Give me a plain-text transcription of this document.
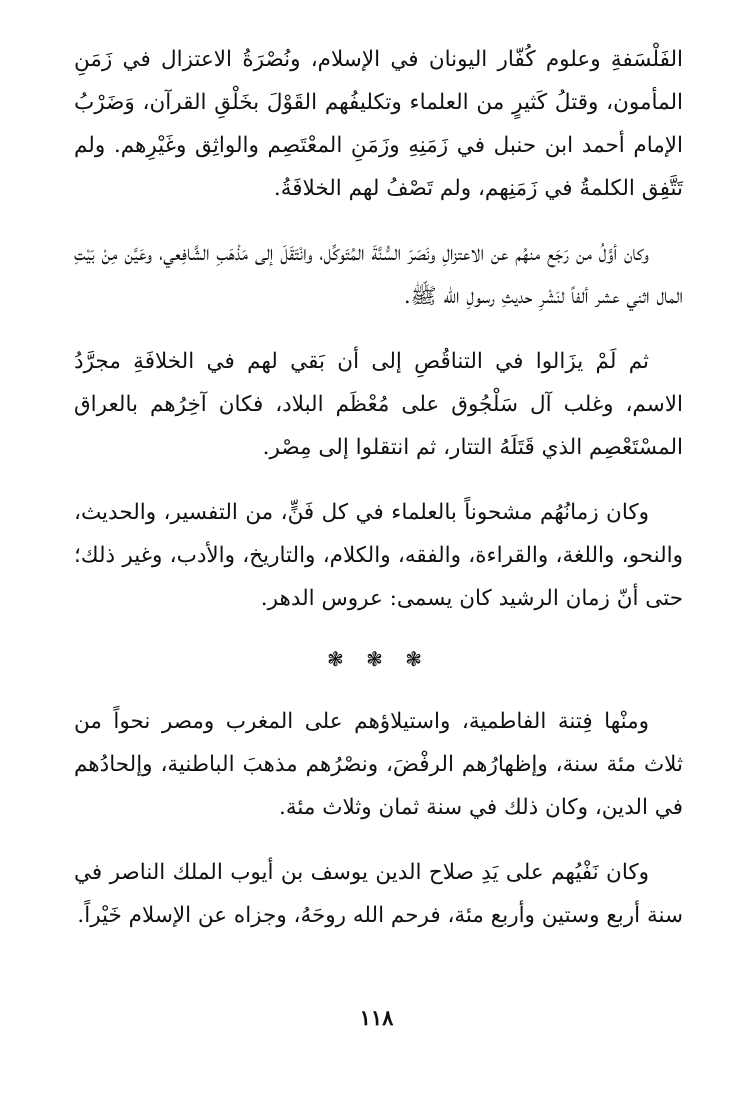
الفَلْسَفةِ وعلوم كُفّار اليونان في الإسلام، ونُصْرَةُ الاعتزال في زَمَنِ المأمون، وقتلُ كَثيرٍ من العلماء وتكليفُهم القَوْلَ بخَلْقِ القرآن، وَضَرْبُ الإمام أحمد ابن حنبل في زَمَنِهِ وزَمَنِ المعْتَصِم والواثِق وغَيْرِهم. ولم تَتَّفِق الكلمةُ في زَمَنِهم، ولم تَصْفُ لهم الخلافَةُ.

وكان أوَّلُ من رَجَع منهُم عن الاعتزالِ ونَصَرَ السُّنَّةَ المُتَوكِّل، وانْتَقَلَ إلى مَذْهَبِ الشَّافِعي، وعَيَّن مِنْ بَيْتِ المال اثني عشر ألفاً لنَشْرِ حديثِ رسولِ الله ﷺ.

ثم لَمْ يزَالوا في التناقُصِ إلى أن بَقي لهم في الخلافَةِ مجرَّدُ الاسم، وغلب آل سَلْجُوق على مُعْظَم البلاد، فكان آخِرُهم بالعراق المسْتَعْصِم الذي قَتَلَهُ التتار، ثم انتقلوا إلى مِصْر.

وكان زمانُهُم مشحوناً بالعلماء في كل فَنٍّ، من التفسير، والحديث، والنحو، واللغة، والقراءة، والفقه، والكلام، والتاريخ، والأدب، وغير ذلك؛ حتى أنّ زمان الرشيد كان يسمى: عروس الدهر.

❃ ❃ ❃

ومنْها فِتنة الفاطمية، واستيلاؤهم على المغرب ومصر نحواً من ثلاث مئة سنة، وإظهارُهم الرفْضَ، ونصْرُهم مذهبَ الباطنية، وإلحادُهم في الدين، وكان ذلك في سنة ثمان وثلاث مئة.

وكان نَفْيُهم على يَدِ صلاح الدين يوسف بن أيوب الملك الناصر في سنة أربع وستين وأربع مئة، فرحم الله روحَهُ، وجزاه عن الإسلام خَيْراً.

١١٨
